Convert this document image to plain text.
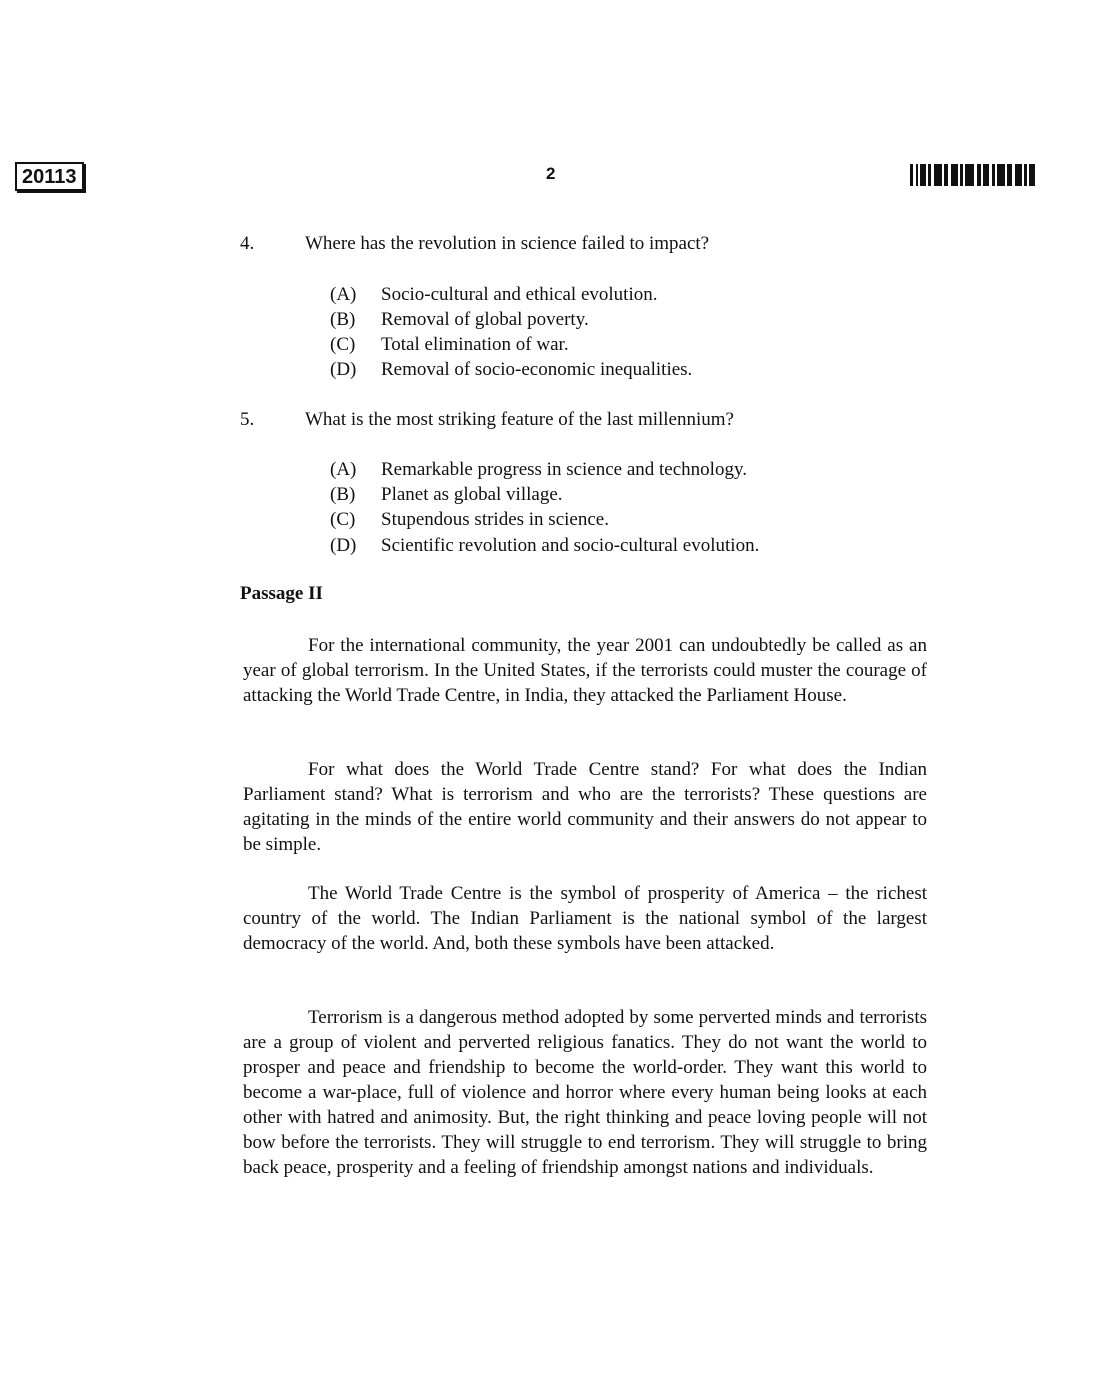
20113	2
4.	Where has the revolution in science failed to impact?
(A) Socio-cultural and ethical evolution.
(B) Removal of global poverty.
(C) Total elimination of war.
(D) Removal of socio-economic inequalities.
5.	What is the most striking feature of the last millennium?
(A) Remarkable progress in science and technology.
(B) Planet as global village.
(C) Stupendous strides in science.
(D) Scientific revolution and socio-cultural evolution.
Passage II

For the international community, the year 2001 can undoubtedly be called as an year of global terrorism. In the United States, if the terrorists could muster the courage of attacking the World Trade Centre, in India, they attacked the Parliament House.

For what does the World Trade Centre stand? For what does the Indian Parliament stand? What is terrorism and who are the terrorists? These questions are agitating in the minds of the entire world community and their answers do not appear to be simple.

The World Trade Centre is the symbol of prosperity of America – the richest country of the world. The Indian Parliament is the national symbol of the largest democracy of the world. And, both these symbols have been attacked.

Terrorism is a dangerous method adopted by some perverted minds and terrorists are a group of violent and perverted religious fanatics. They do not want the world to prosper and peace and friendship to become the world-order. They want this world to become a war-place, full of violence and horror where every human being looks at each other with hatred and animosity. But, the right thinking and peace loving people will not bow before the terrorists. They will struggle to end terrorism. They will struggle to bring back peace, prosperity and a feeling of friendship amongst nations and individuals.
